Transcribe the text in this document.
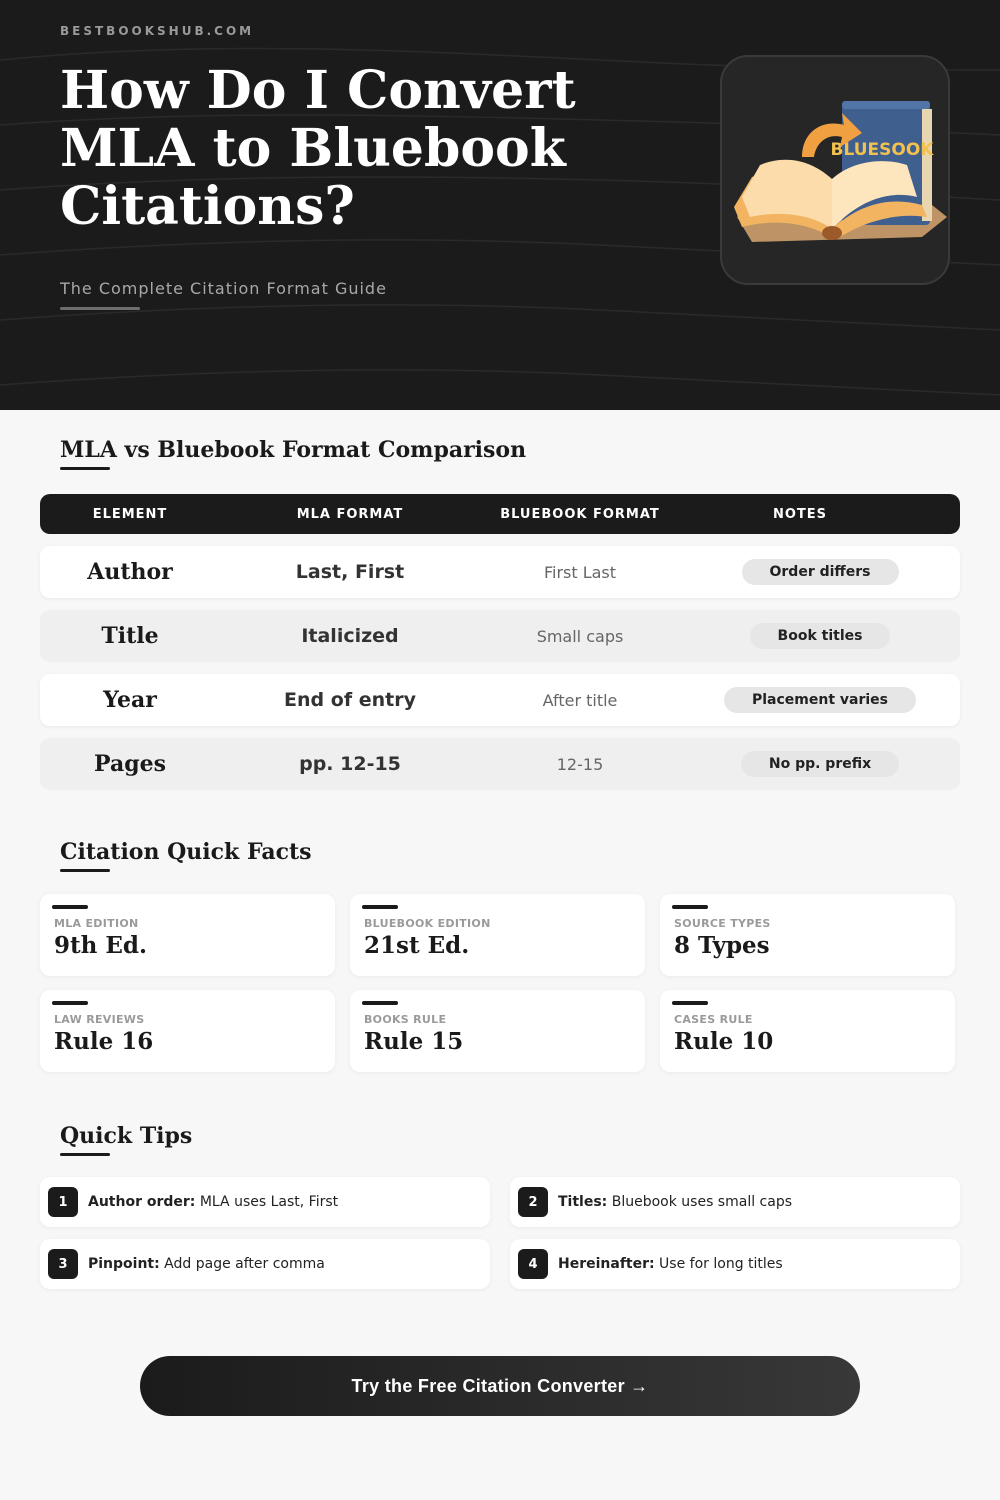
BESTBOOKSHUB.COM
How Do I Convert MLA to Bluebook Citations?
The Complete Citation Format Guide
BLUESOOK
MLA vs Bluebook Format Comparison
ELEMENT	MLA FORMAT	BLUEBOOK FORMAT	NOTES
Author	Last, First	First Last	Order differs
Title	Italicized	Small caps	Book titles
Year	End of entry	After title	Placement varies
Pages	pp. 12-15	12-15	No pp. prefix
Citation Quick Facts
MLA EDITION
9th Ed.
BLUEBOOK EDITION
21st Ed.
SOURCE TYPES
8 Types
LAW REVIEWS
Rule 16
BOOKS RULE
Rule 15
CASES RULE
Rule 10
Quick Tips
1	Author order: MLA uses Last, First	2	Titles: Bluebook uses small caps
3	Pinpoint: Add page after comma	4	Hereinafter: Use for long titles
Try the Free Citation Converter →
